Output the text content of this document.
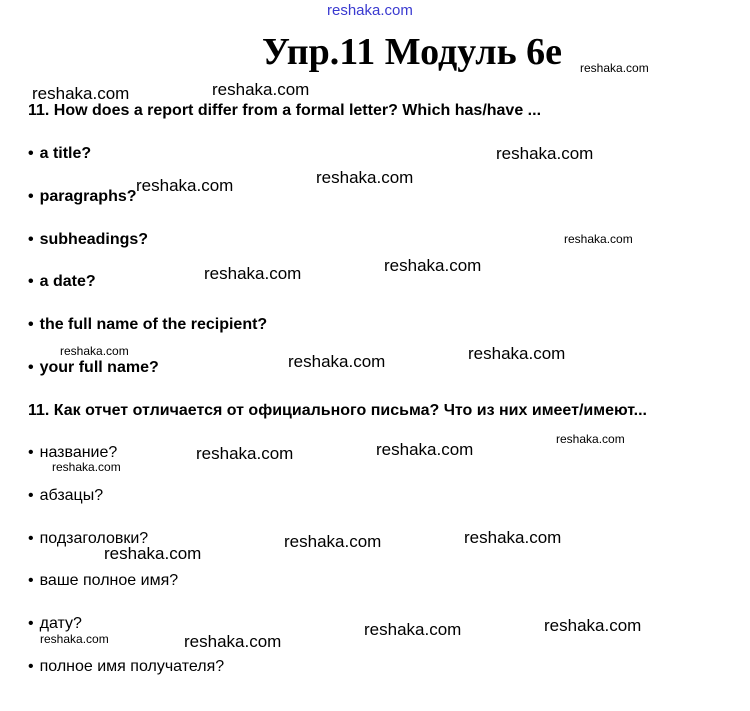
reshaka.com
Упр.11 Модуль 6е reshaka.com
11. How does a report differ from a formal letter? Which has/have ...
• a title?
• paragraphs?
• subheadings?
• a date?
• the full name of the recipient?
• your full name?
11. Как отчет отличается от официального письма? Что из них имеет/имеют...
• название?
• абзацы?
• подзаголовки?
• ваше полное имя?
• дату?
• полное имя получателя?
reshaka.com	reshaka.com
reshaka.com
reshaka.com	reshaka.com
reshaka.com
reshaka.com	reshaka.com
reshaka.com
reshaka.com	reshaka.com
reshaka.com
reshaka.com	reshaka.com
reshaka.com
reshaka.com
reshaka.com
reshaka.com
reshaka.com
reshaka.com
reshaka.com	reshaka.com
